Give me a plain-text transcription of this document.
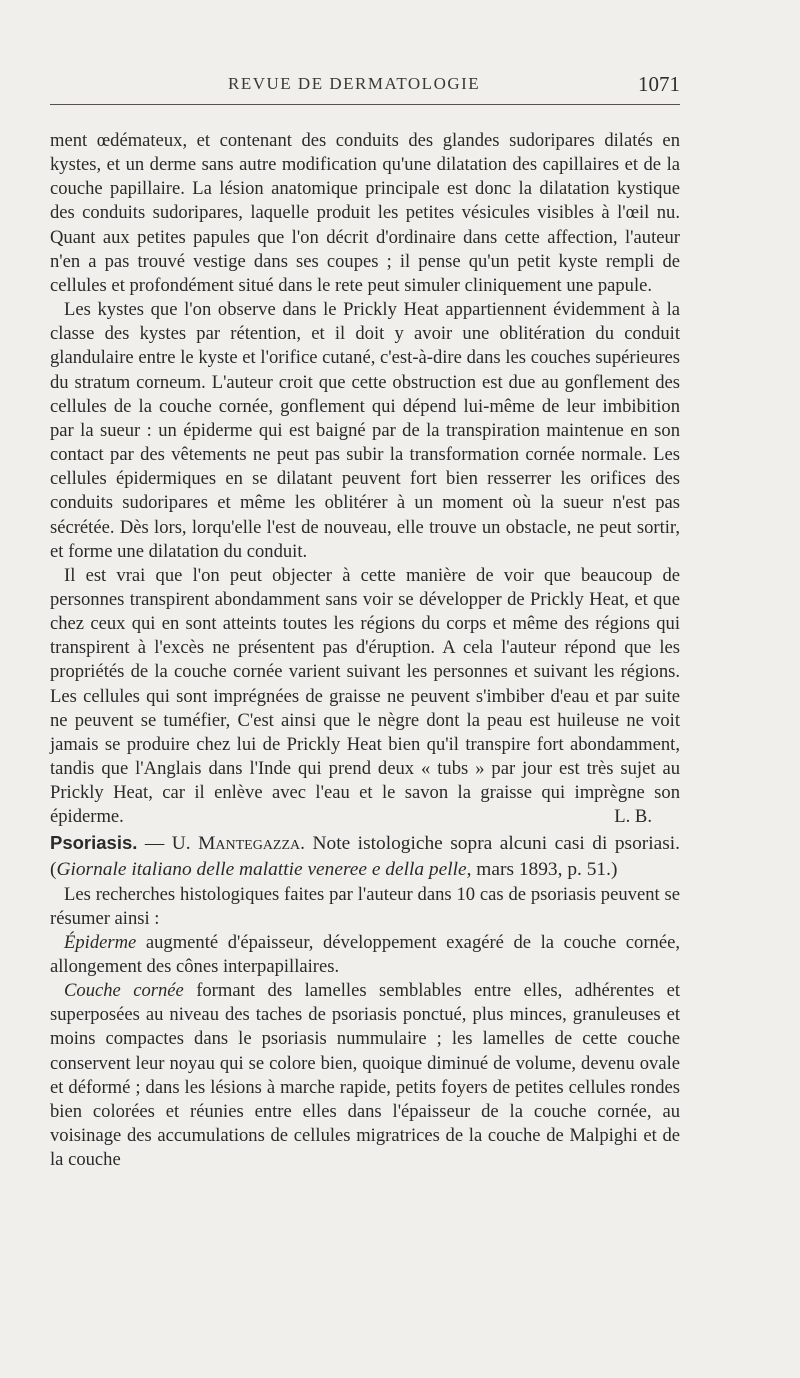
REVUE DE DERMATOLOGIE	1071

ment œdémateux, et contenant des conduits des glandes sudoripares dilatés en kystes, et un derme sans autre modification qu'une dilatation des capillaires et de la couche papillaire. La lésion anatomique principale est donc la dilatation kystique des conduits sudoripares, laquelle produit les petites vésicules visibles à l'œil nu. Quant aux petites papules que l'on décrit d'ordinaire dans cette affection, l'auteur n'en a pas trouvé vestige dans ses coupes ; il pense qu'un petit kyste rempli de cellules et profondément situé dans le rete peut simuler cliniquement une papule.

Les kystes que l'on observe dans le Prickly Heat appartiennent évidemment à la classe des kystes par rétention, et il doit y avoir une oblitération du conduit glandulaire entre le kyste et l'orifice cutané, c'est-à-dire dans les couches supérieures du stratum corneum. L'auteur croit que cette obstruction est due au gonflement des cellules de la couche cornée, gonflement qui dépend lui-même de leur imbibition par la sueur : un épiderme qui est baigné par de la transpiration maintenue en son contact par des vêtements ne peut pas subir la transformation cornée normale. Les cellules épidermiques en se dilatant peuvent fort bien resserrer les orifices des conduits sudoripares et même les oblitérer à un moment où la sueur n'est pas sécrétée. Dès lors, lorqu'elle l'est de nouveau, elle trouve un obstacle, ne peut sortir, et forme une dilatation du conduit.

Il est vrai que l'on peut objecter à cette manière de voir que beaucoup de personnes transpirent abondamment sans voir se développer de Prickly Heat, et que chez ceux qui en sont atteints toutes les régions du corps et même des régions qui transpirent à l'excès ne présentent pas d'éruption. A cela l'auteur répond que les propriétés de la couche cornée varient suivant les personnes et suivant les régions. Les cellules qui sont imprégnées de graisse ne peuvent s'imbiber d'eau et par suite ne peuvent se tuméfier, C'est ainsi que le nègre dont la peau est huileuse ne voit jamais se produire chez lui de Prickly Heat bien qu'il transpire fort abondamment, tandis que l'Anglais dans l'Inde qui prend deux « tubs » par jour est très sujet au Prickly Heat, car il enlève avec l'eau et le savon la graisse qui imprègne son épiderme.	L. B.

Psoriasis. — U. Mantegazza. Note istologiche sopra alcuni casi di psoriasi. (Giornale italiano delle malattie veneree e della pelle, mars 1893, p. 51.)

Les recherches histologiques faites par l'auteur dans 10 cas de psoriasis peuvent se résumer ainsi :

Épiderme augmenté d'épaisseur, développement exagéré de la couche cornée, allongement des cônes interpapillaires.

Couche cornée formant des lamelles semblables entre elles, adhérentes et superposées au niveau des taches de psoriasis ponctué, plus minces, granuleuses et moins compactes dans le psoriasis nummulaire ; les lamelles de cette couche conservent leur noyau qui se colore bien, quoique diminué de volume, devenu ovale et déformé ; dans les lésions à marche rapide, petits foyers de petites cellules rondes bien colorées et réunies entre elles dans l'épaisseur de la couche cornée, au voisinage des accumulations de cellules migratrices de la couche de Malpighi et de la couche
